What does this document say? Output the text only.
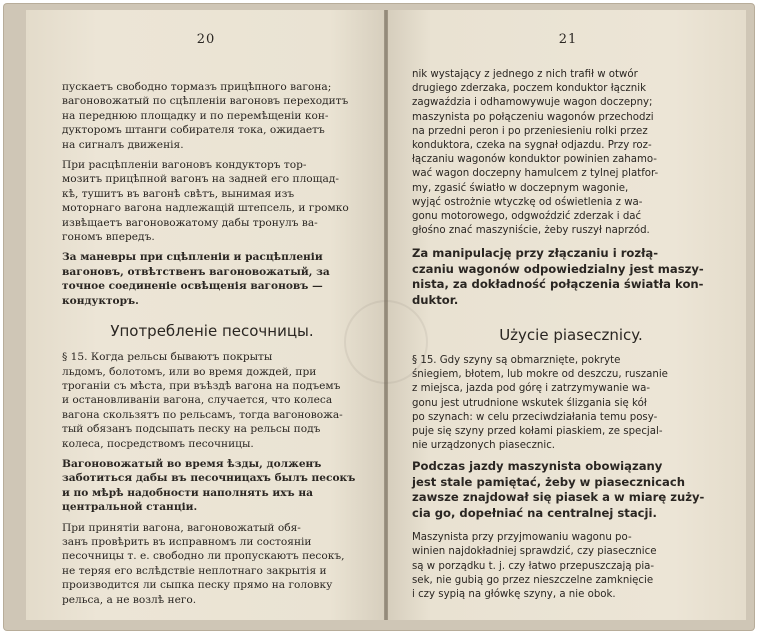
20

пускаетъ свободно тормазъ прицѣпного вагона;
вагоновожатый по сцѣпленіи вагоновъ переходитъ
на переднюю площадку и по перемѣщеніи кон-
дукторомъ штанги собирателя тока, ожидаетъ
на сигналъ движенія.

При расцѣпленіи вагоновъ кондукторъ тор-
мозитъ прицѣпной вагонъ на задней его площад-
кѣ, тушитъ въ вагонѣ свѣтъ, вынимая изъ
моторнаго вагона надлежащій штепсель, и громко
извѣщаетъ вагоновожатому дабы тронулъ ва-
гономъ впередъ.

За маневры при сцѣпленіи и расцѣпленіи
вагоновъ, отвѣтственъ вагоновожатый, за
точное соединеніе освѣщенія вагоновъ —
кондукторъ.

Употребленіе песочницы.

§ 15. Когда рельсы бываютъ покрыты
льдомъ, болотомъ, или во время дождей, при
троганіи съ мѣста, при въѣздѣ вагона на подъемъ
и остановливаніи вагона, случается, что колеса
вагона скользятъ по рельсамъ, тогда вагоновожа-
тый обязанъ подсыпать песку на рельсы подъ
колеса, посредствомъ песочницы.

Вагоновожатый во время ѣзды, долженъ
заботиться дабы въ песочницахъ былъ песокъ
и по мѣрѣ надобности наполнять ихъ на
центральной станціи.

При принятіи вагона, вагоновожатый обя-
занъ провѣрить въ исправномъ ли состояніи
песочницы т. е. свободно ли пропускаютъ песокъ,
не теряя его вслѣдствіе неплотнаго закрытія и
производится ли сыпка песку прямо на головку
рельса, а не возлѣ него.

21

nik wystający z jednego z nich trafił w otwór
drugiego zderzaka, poczem konduktor łącznik
zagwaździa i odhamowywuje wagon doczepny;
maszynista po połączeniu wagonów przechodzi
na przedni peron i po przeniesieniu rolki przez
konduktora, czeka na sygnał odjazdu. Przy roz-
łączaniu wagonów konduktor powinien zahamo-
wać wagon doczepny hamulcem z tylnej platfor-
my, zgasić światło w doczepnym wagonie,
wyjąć ostrożnie wtyczkę od oświetlenia z wa-
gonu motorowego, odgwoździć zderzak i dać
głośno znać maszyniście, żeby ruszył naprzód.

Za manipulację przy złączaniu i rozłą-
czaniu wagonów odpowiedzialny jest maszy-
nista, za dokładność połączenia światła kon-
duktor.

Użycie piasecznicy.

§ 15. Gdy szyny są obmarznięte, pokryte
śniegiem, błotem, lub mokre od deszczu, ruszanie
z miejsca, jazda pod górę i zatrzymywanie wa-
gonu jest utrudnione wskutek ślizgania się kół
po szynach: w celu przeciwdziałania temu posy-
puje się szyny przed kołami piaskiem, ze specjal-
nie urządzonych piasecznic.

Podczas jazdy maszynista obowiązany
jest stale pamiętać, żeby w piasecznicach
zawsze znajdował się piasek a w miarę zuży-
cia go, dopełniać na centralnej stacji.

Maszynista przy przyjmowaniu wagonu po-
winien najdokładniej sprawdzić, czy piasecznice
są w porządku t. j. czy łatwo przepuszczają pia-
sek, nie gubią go przez nieszczelne zamknięcie
i czy sypią na główkę szyny, a nie obok.
